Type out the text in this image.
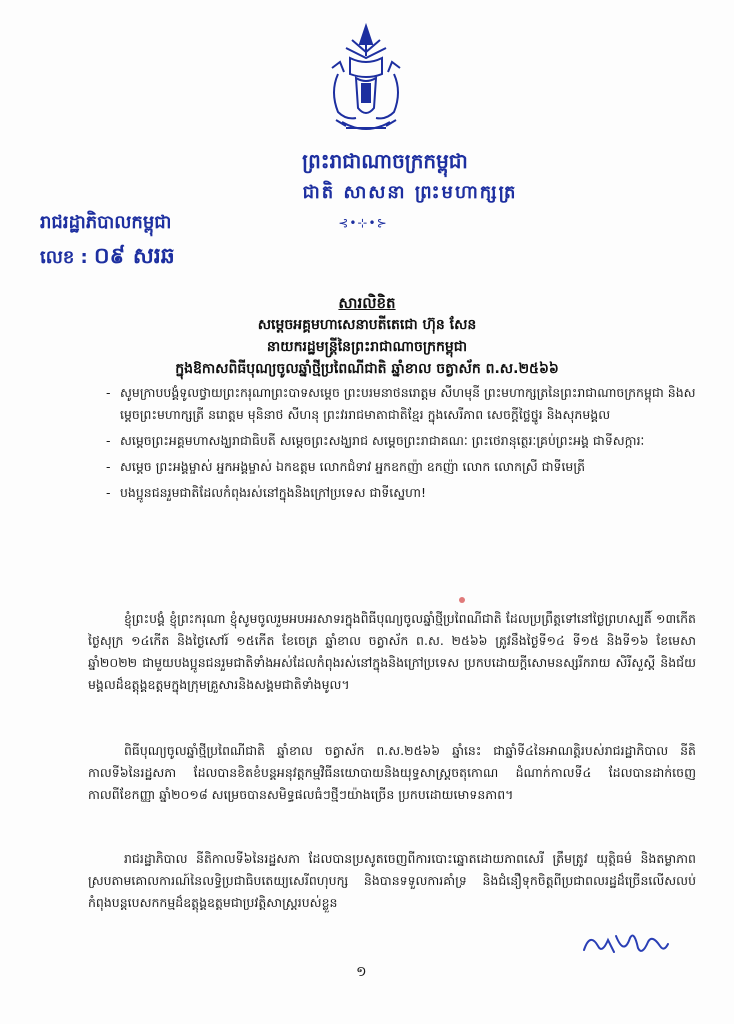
ព្រះរាជាណាចក្រកម្ពុជា
ជាតិ សាសនា ព្រះមហាក្សត្រ
⊰•⊹•⊱
រាជរដ្ឋាភិបាលកម្ពុជា
លេខ : ០៩ សរឆ
សារលិខិត
សម្តេចអគ្គមហាសេនាបតីតេជោ ហ៊ុន សែន
នាយករដ្ឋមន្ត្រីនៃព្រះរាជាណាចក្រកម្ពុជា
ក្នុងឱកាសពិធីបុណ្យចូលឆ្នាំថ្មីប្រពៃណីជាតិ ឆ្នាំខាល ចត្វាស័ក ព.ស.២៥៦៦
- សូមក្រាបបង្គំទូលថ្វាយព្រះករុណាព្រះបាទសម្តេច ព្រះបរមនាថនរោត្តម សីហមុនី ព្រះមហាក្សត្រនៃព្រះរាជាណាចក្រកម្ពុជា និងសម្តេចព្រះមហាក្សត្រី នរោត្តម មុនិនាថ សីហនុ ព្រះវររាជមាតាជាតិខ្មែរ ក្នុងសេរីភាព សេចក្តីថ្លៃថ្នូរ និងសុភមង្គល
- សម្តេចព្រះអគ្គមហាសង្ឃរាជាធិបតី សម្តេចព្រះសង្ឃរាជ សម្តេចព្រះរាជាគណៈ ព្រះថេរានុត្ថេរៈគ្រប់ព្រះអង្គ ជាទីសក្ការៈ
- សម្តេច ព្រះអង្គម្ចាស់ អ្នកអង្គម្ចាស់ ឯកឧត្តម លោកជំទាវ អ្នកឧកញ៉ា ឧកញ៉ា លោក លោកស្រី ជាទីមេត្រី
- បងប្អូនជនរួមជាតិដែលកំពុងរស់នៅក្នុងនិងក្រៅប្រទេស ជាទីស្នេហា!
ខ្ញុំព្រះបង្គំ ខ្ញុំព្រះករុណា ខ្ញុំសូមចូលរួមអបអរសាទរក្នុងពិធីបុណ្យចូលឆ្នាំថ្មីប្រពៃណីជាតិ ដែលប្រព្រឹត្តទៅនៅថ្ងៃព្រហស្បតិ៍ ១៣កើត ថ្ងៃសុក្រ ១៤កើត និងថ្ងៃសៅរ៍ ១៥កើត ខែចេត្រ ឆ្នាំខាល ចត្វាស័ក ព.ស. ២៥៦៦ ត្រូវនឹងថ្ងៃទី១៤ ទី១៥ និងទី១៦ ខែមេសា ឆ្នាំ២០២២ ជាមួយបងប្អូនជនរួមជាតិទាំងអស់ដែលកំពុងរស់នៅក្នុងនិងក្រៅប្រទេស ប្រកបដោយក្តីសោមនស្សរីករាយ សិរីសួស្តី និងជ័យមង្គលដ៏ឧត្តុង្គឧត្តមក្នុងក្រុមគ្រួសារនិងសង្គមជាតិទាំងមូល។
ពិធីបុណ្យចូលឆ្នាំថ្មីប្រពៃណីជាតិ ឆ្នាំខាល ចត្វាស័ក ព.ស.២៥៦៦ ឆ្នាំនេះ ជាឆ្នាំទី៤នៃអាណត្តិរបស់រាជរដ្ឋាភិបាល នីតិកាលទី៦នៃរដ្ឋសភា ដែលបានខិតខំបន្តអនុវត្តកម្មវិធីនយោបាយនិងយុទ្ធសាស្ត្រចតុកោណ ដំណាក់កាលទី៤ ដែលបានដាក់ចេញកាលពីខែកញ្ញា ឆ្នាំ២០១៨ សម្រេចបានសមិទ្ធផលធំៗថ្មីៗយ៉ាងច្រើន ប្រកបដោយមោទនភាព។
រាជរដ្ឋាភិបាល នីតិកាលទី៦នៃរដ្ឋសភា ដែលបានប្រសូតចេញពីការបោះឆ្នោតដោយភាពសេរី ត្រឹមត្រូវ យុត្តិធម៌ និងតម្លាភាព ស្របតាមគោលការណ៍នៃលទ្ធិប្រជាធិបតេយ្យសេរីពហុបក្ស និងបានទទួលការគាំទ្រ និងជំនឿទុកចិត្តពីប្រជាពលរដ្ឋដ៏ច្រើនលើសលប់ កំពុងបន្តបេសកកម្មដ៏ឧត្តុង្គឧត្តមជាប្រវត្តិសាស្ត្ររបស់ខ្លួន
១
